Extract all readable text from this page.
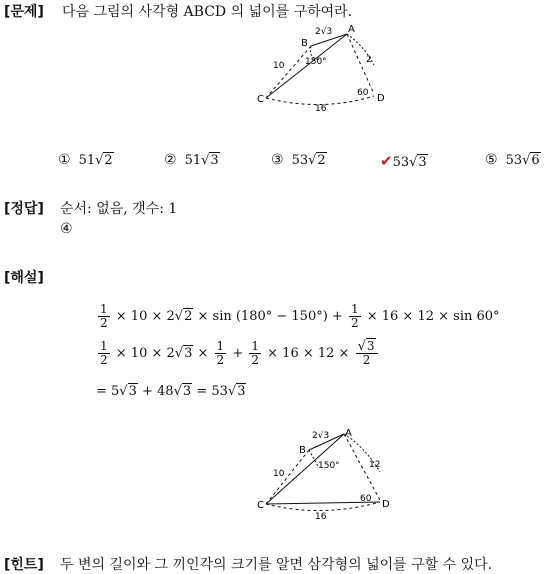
[문제] 다음 그림의 사각형 ABCD 의 넓이를 구하여라.
A
B
C	D
2√3
10
2
16
150°
60
① 51√2	② 51√3	③ 53√2	✔53√3	⑤ 53√6
[정답] 순서: 없음, 갯수: 1
④
[해설]
$\frac{1}{2} \times 10 \times 2√2 \times \sin (180^\circ - 150^\circ) + \frac{1}{2} \times 16 \times 12 \times \sin 60^\circ$
$\frac{1}{2} \times 10 \times 2√3 \times \frac{1}{2} + \frac{1}{2} \times 16 \times 12 \times \frac{√3}{2}$
= 5√3 + 48√3 = 53√3
A
B
C	D
2√3
10
12
16
150°
60
[힌트] 두 변의 길이와 그 끼인각의 크기를 알면 삼각형의 넓이를 구할 수 있다.
